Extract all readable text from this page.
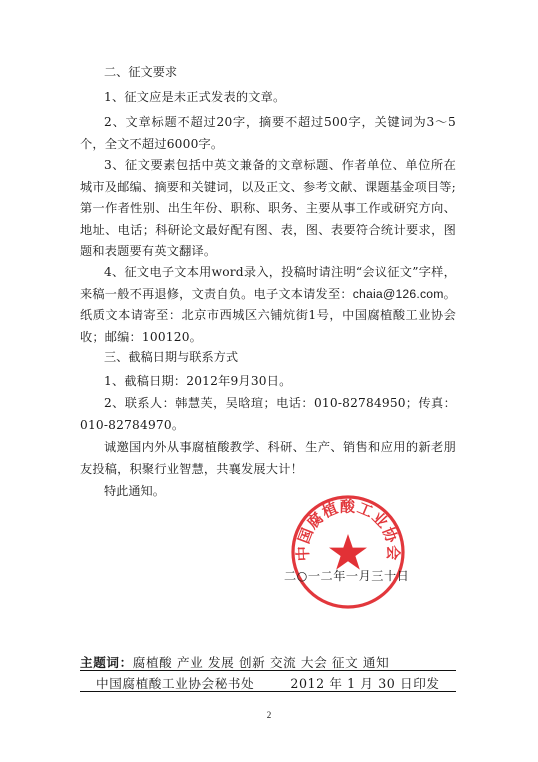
二、征文要求

1、征文应是未正式发表的文章。

2、文章标题不超过20字，摘要不超过500字，关键词为3～5个，全文不超过6000字。

3、征文要素包括中英文兼备的文章标题、作者单位、单位所在城市及邮编、摘要和关键词，以及正文、参考文献、课题基金项目等;第一作者性别、出生年份、职称、职务、主要从事工作或研究方向、地址、电话；科研论文最好配有图、表，图、表要符合统计要求，图题和表题要有英文翻译。

4、征文电子文本用word录入，投稿时请注明“会议征文”字样，来稿一般不再退修，文责自负。电子文本请发至：chaia@126.com。纸质文本请寄至：北京市西城区六铺炕街1号，中国腐植酸工业协会收；邮编：100120。

三、截稿日期与联系方式

1、截稿日期：2012年9月30日。

2、联系人：韩慧芙，吴晗瑄；电话：010-82784950；传真：010-82784970。

诚邀国内外从事腐植酸教学、科研、生产、销售和应用的新老朋友投稿，积聚行业智慧，共襄发展大计！

特此通知。

中国腐植酸工业协会

二○一二年一月三十日

主题词：腐植酸 产业 发展 创新 交流 大会 征文 通知
中国腐植酸工业协会秘书处	2012 年 1 月 30 日印发
2
